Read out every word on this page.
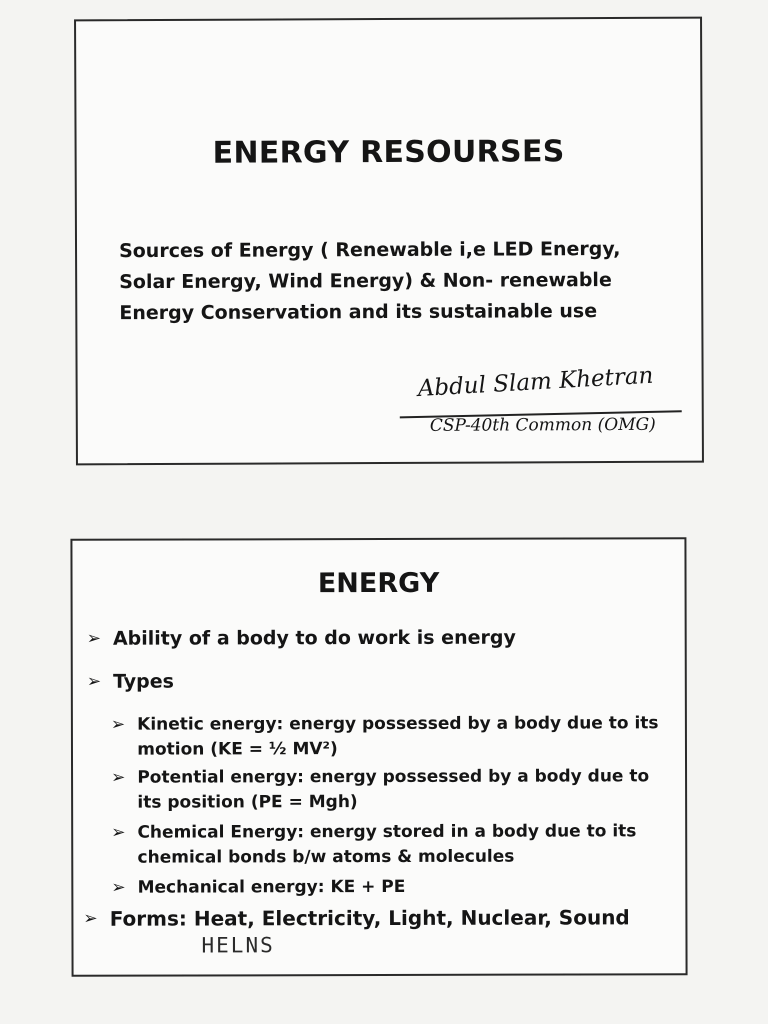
ENERGY RESOURSES
Sources of Energy ( Renewable i,e LED Energy,
Solar Energy, Wind Energy) & Non- renewable
Energy Conservation and its sustainable use
Abdul Slam Khetran
CSP-40th Common (OMG)
ENERGY
➢ Ability of a body to do work is energy
➢ Types
➢ Kinetic energy: energy possessed by a body due to its motion (KE = ½ MV²)
➢ Potential energy: energy possessed by a body due to its position (PE = Mgh)
➢ Chemical Energy: energy stored in a body due to its chemical bonds b/w atoms & molecules
➢ Mechanical energy: KE + PE
➢ Forms: Heat, Electricity, Light, Nuclear, Sound
HELNS
